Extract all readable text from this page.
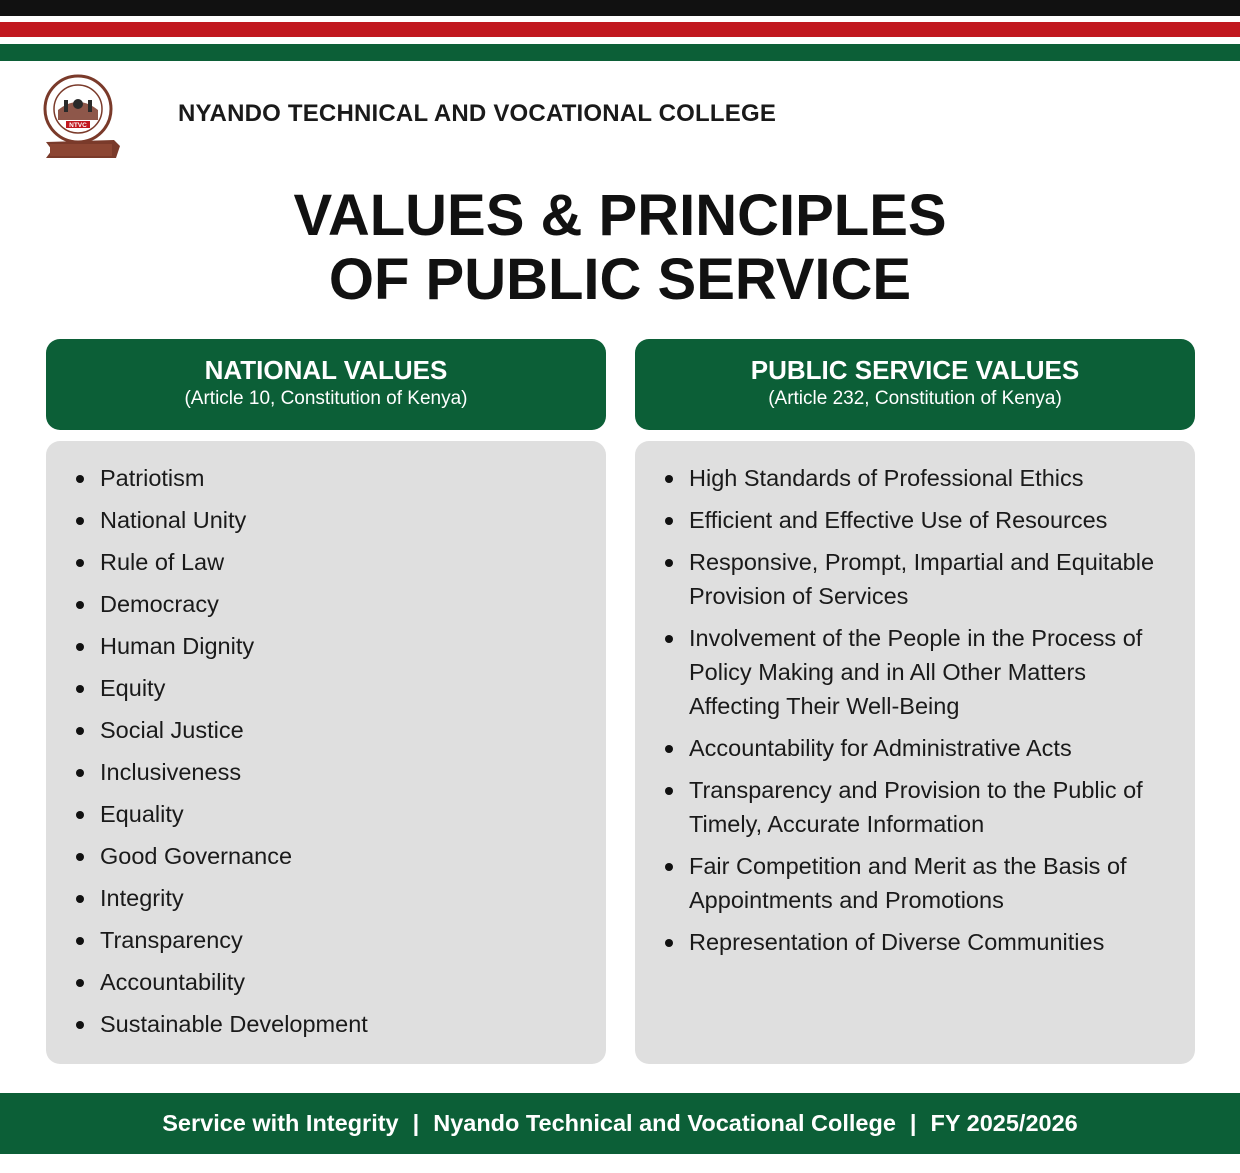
NTVC	NYANDO TECHNICAL AND VOCATIONAL COLLEGE
VALUES & PRINCIPLES
OF PUBLIC SERVICE
NATIONAL VALUES
(Article 10, Constitution of Kenya)
Patriotism
National Unity
Rule of Law
Democracy
Human Dignity
Equity
Social Justice
Inclusiveness
Equality
Good Governance
Integrity
Transparency
Accountability
Sustainable Development
PUBLIC SERVICE VALUES
(Article 232, Constitution of Kenya)
High Standards of Professional Ethics
Efficient and Effective Use of Resources
Responsive, Prompt, Impartial and Equitable Provision of Services
Involvement of the People in the Process of Policy Making and in All Other Matters Affecting Their Well-Being
Accountability for Administrative Acts
Transparency and Provision to the Public of Timely, Accurate Information
Fair Competition and Merit as the Basis of Appointments and Promotions
Representation of Diverse Communities
Service with Integrity | Nyando Technical and Vocational College | FY 2025/2026
